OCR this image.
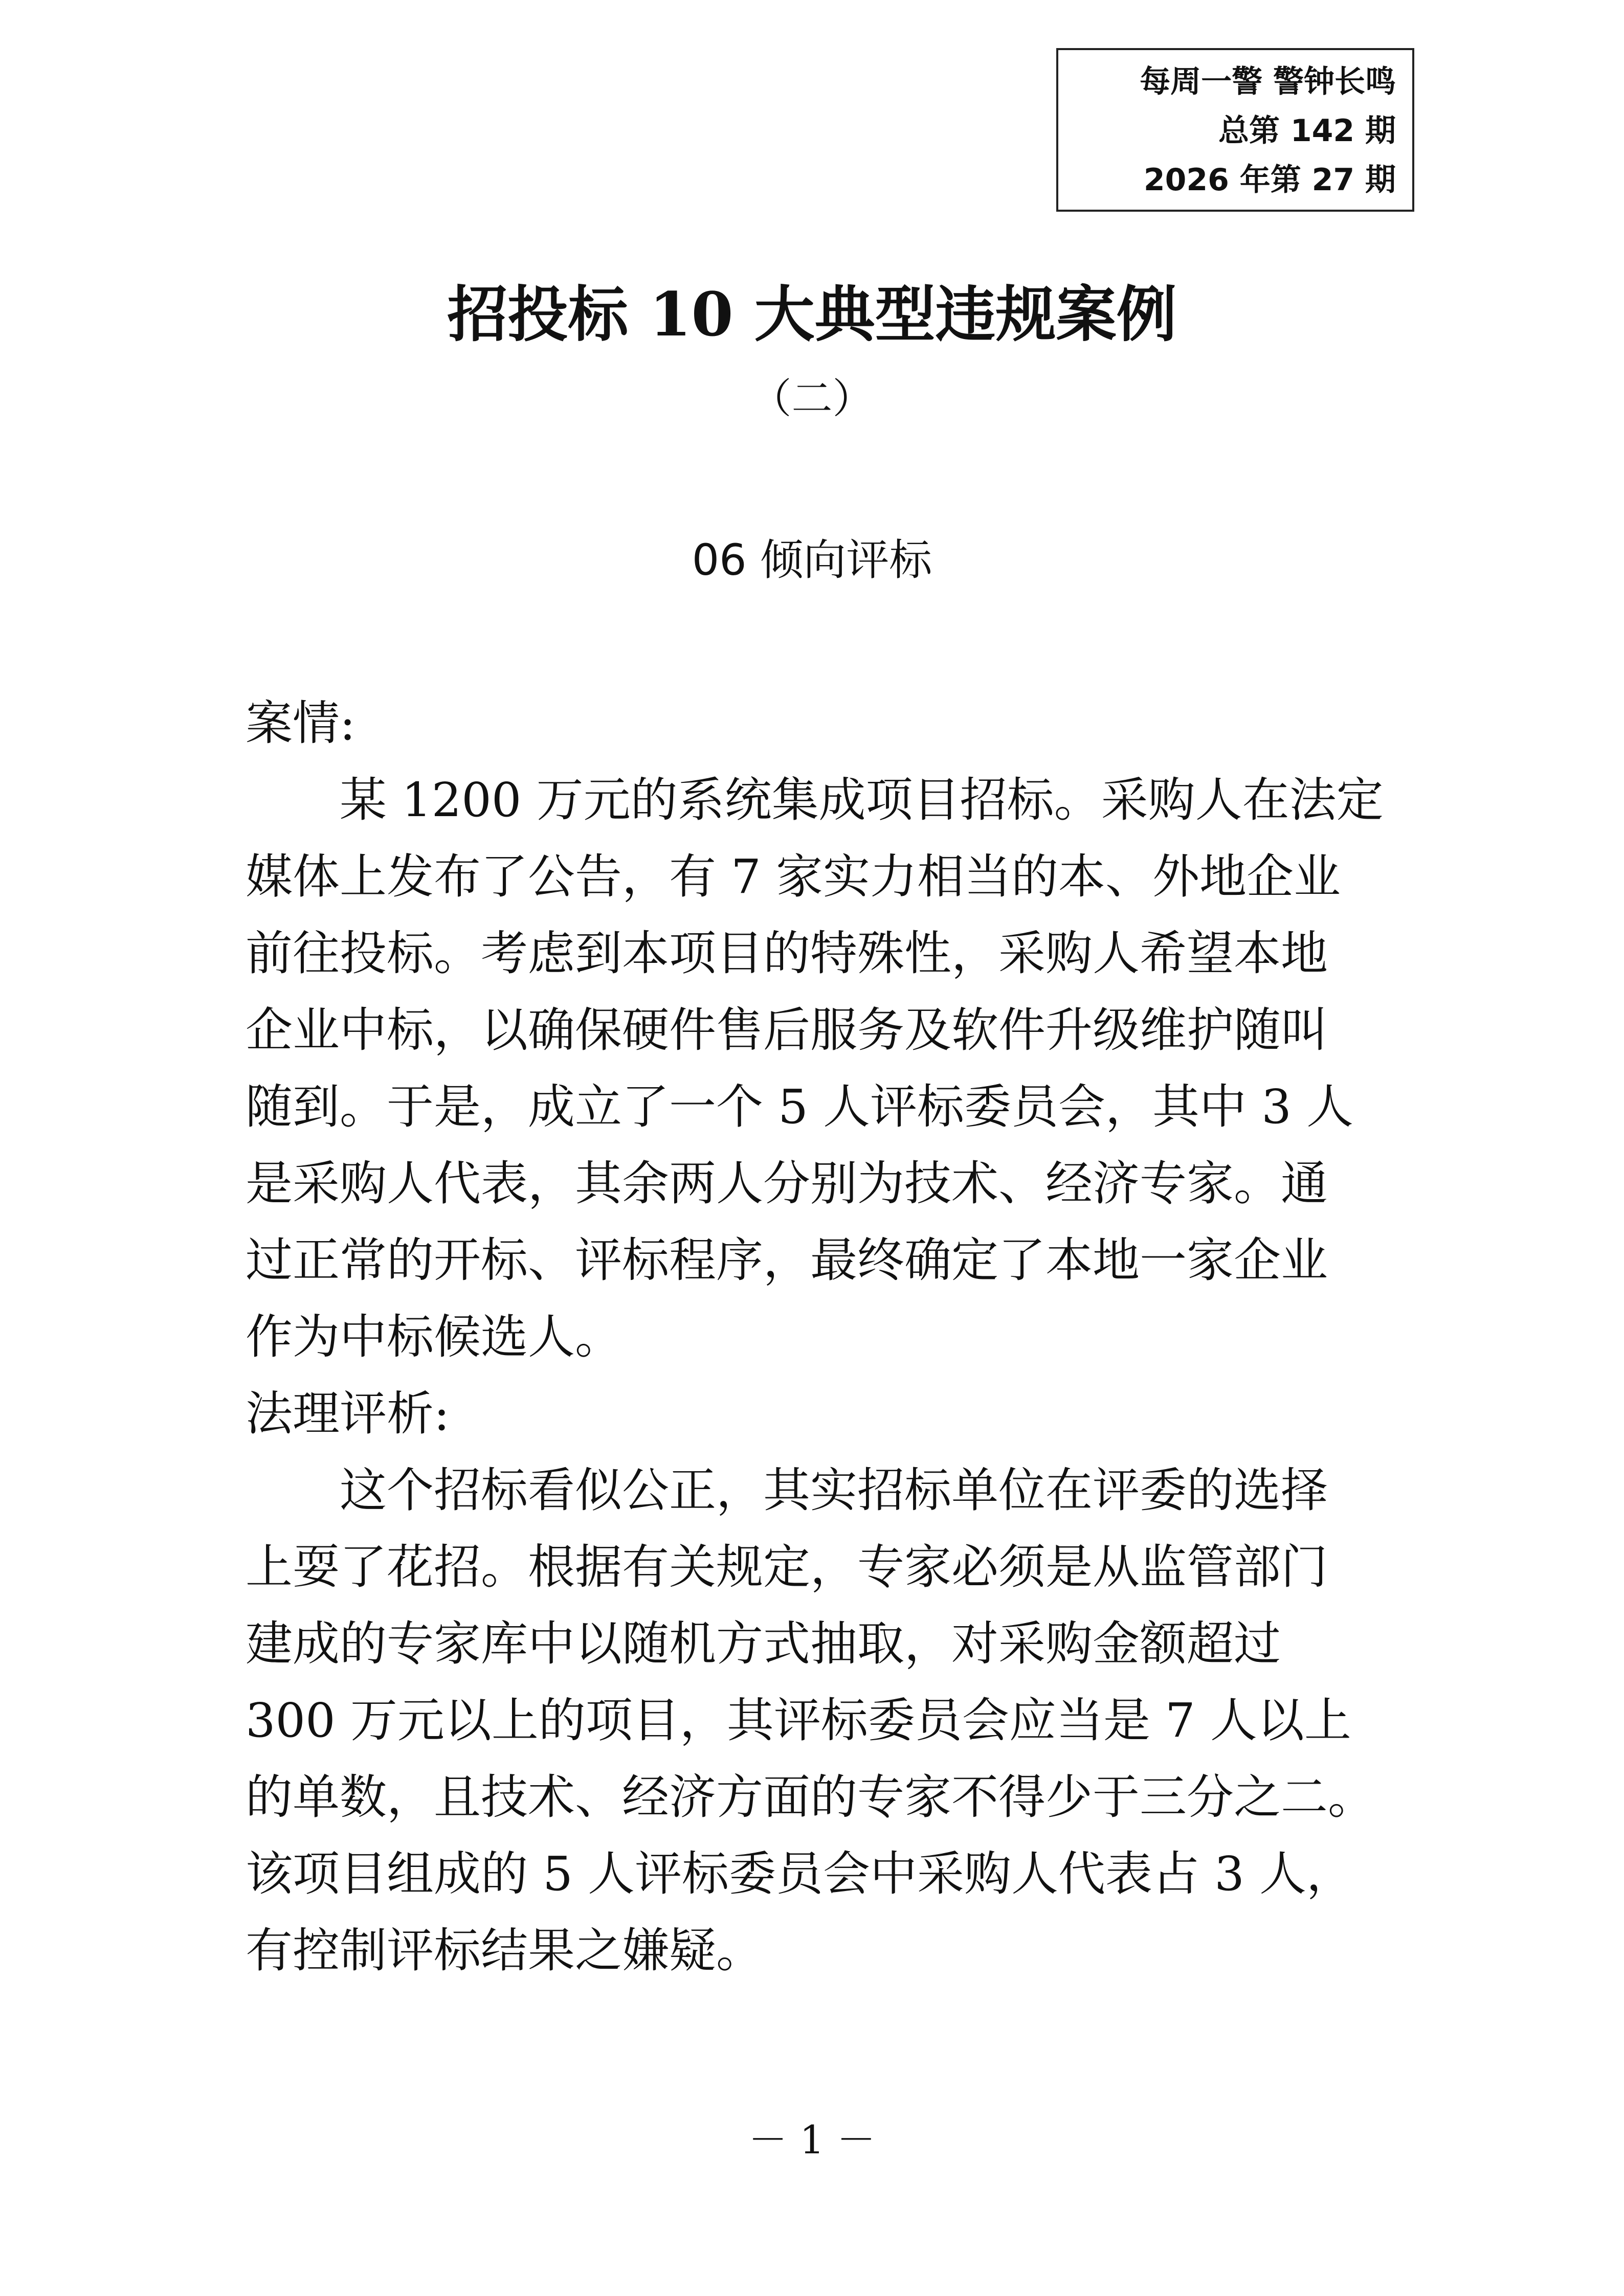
每周一警 警钟长鸣
总第 142 期
2026 年第 27 期
招投标 10 大典型违规案例
（二）
06 倾向评标
案情:
　　某 1200 万元的系统集成项目招标。采购人在法定
媒体上发布了公告，有 7 家实力相当的本、外地企业
前往投标。考虑到本项目的特殊性，采购人希望本地
企业中标，以确保硬件售后服务及软件升级维护随叫
随到。于是，成立了一个 5 人评标委员会，其中 3 人
是采购人代表，其余两人分别为技术、经济专家。通
过正常的开标、评标程序，最终确定了本地一家企业
作为中标候选人。
法理评析:
　　这个招标看似公正，其实招标单位在评委的选择
上耍了花招。根据有关规定，专家必须是从监管部门
建成的专家库中以随机方式抽取，对采购金额超过
300 万元以上的项目，其评标委员会应当是 7 人以上
的单数，且技术、经济方面的专家不得少于三分之二。
该项目组成的 5 人评标委员会中采购人代表占 3 人，
有控制评标结果之嫌疑。
－ 1 －
